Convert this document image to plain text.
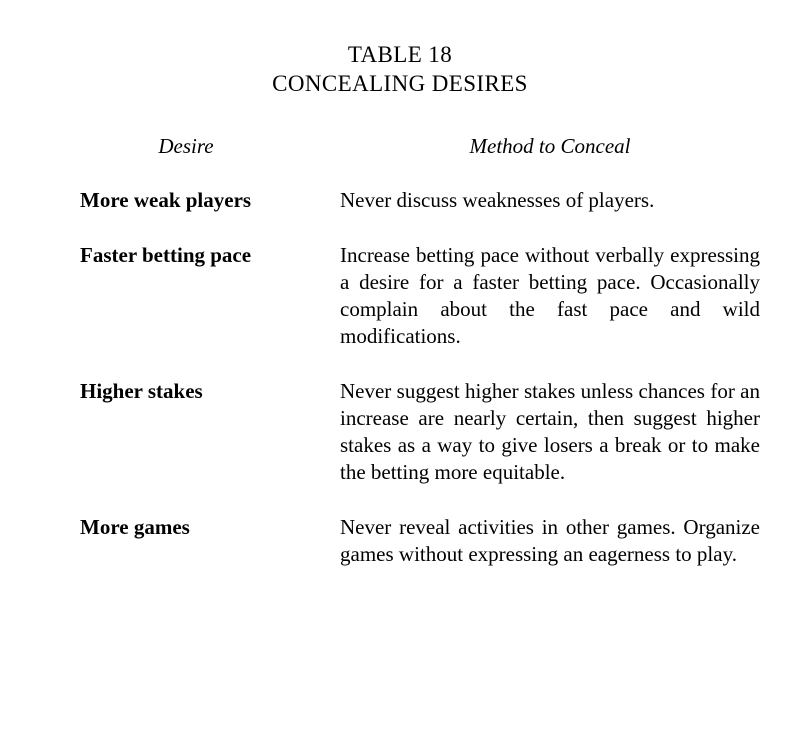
TABLE 18
CONCEALING DESIRES
Desire	Method to Conceal
More weak players	Never discuss weaknesses of players.
Faster betting pace	Increase betting pace without verbally expressing a desire for a faster betting pace. Occasionally complain about the fast pace and wild modifications.
Higher stakes	Never suggest higher stakes unless chances for an increase are nearly certain, then suggest higher stakes as a way to give losers a break or to make the betting more equitable.
More games	Never reveal activities in other games. Organize games without expressing an eagerness to play.
